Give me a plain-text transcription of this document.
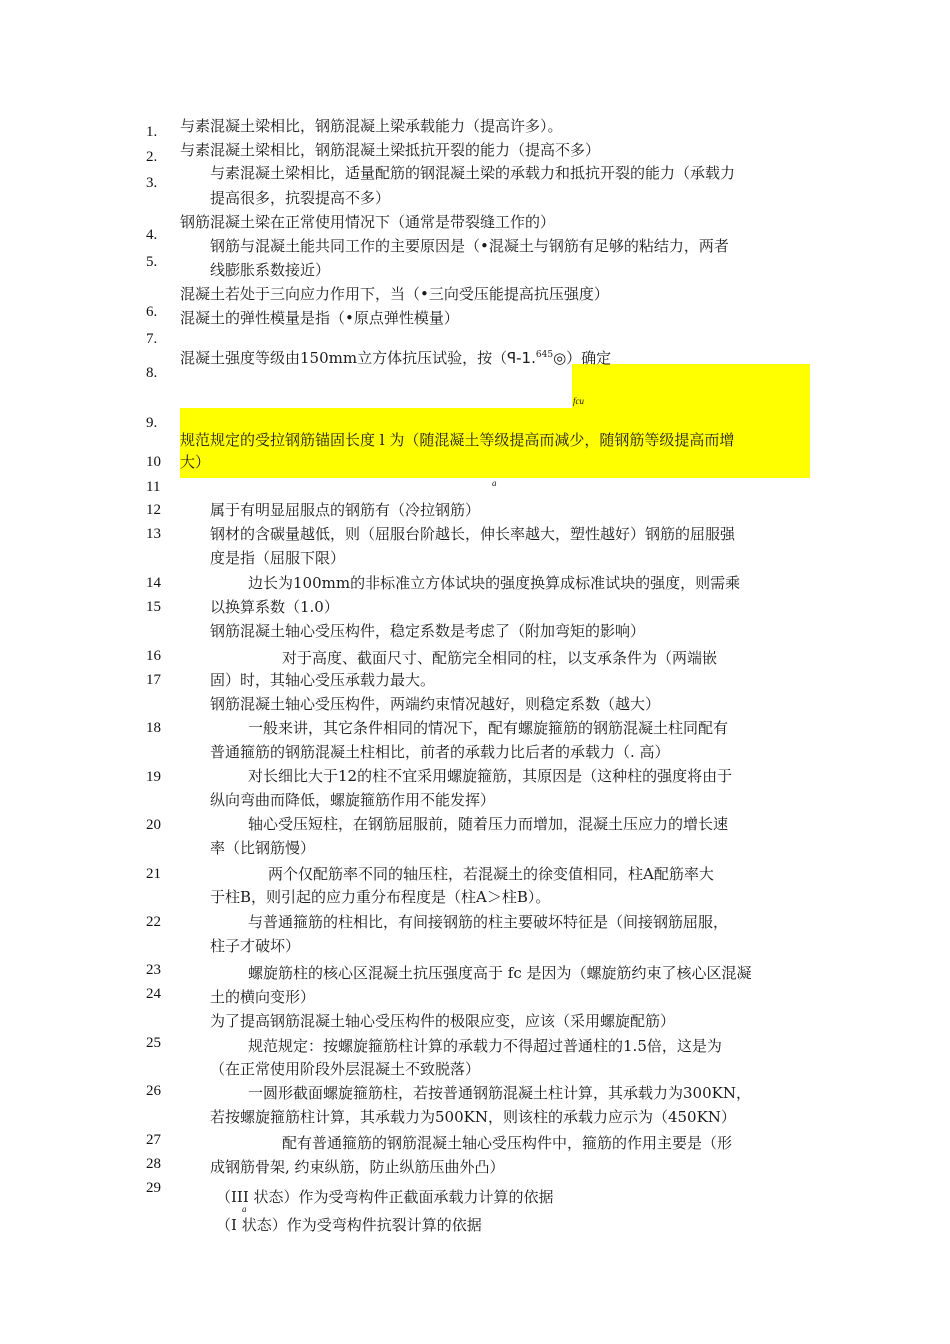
1.
2.
3.
4.
5.
6.
7.
8.
9.
10
11
12
13
14
15
16
17
18
19
20
21
22
23
24
25
26
27
28
29
与素混凝土梁相比，钢筋混凝上梁承载能力（提高许多）。
与素混凝土梁相比，钢筋混凝土梁抵抗开裂的能力（提高不多）
与素混凝土梁相比，适量配筋的钢混凝土梁的承载力和抵抗开裂的能力（承载力
提高很多，抗裂提高不多）
钢筋混凝土梁在正常使用情况下（通常是带裂缝工作的）
钢筋与混凝土能共同工作的主要原因是（•混凝土与钢筋有足够的粘结力，两者
线膨胀系数接近）
混凝土若处于三向应力作用下，当（•三向受压能提高抗压强度）
混凝土的弹性模量是指（•原点弹性模量）
混凝土强度等级由150mm立方体抗压试验，按（ꟼ-1.$^{645}$◎）确定
fcu
规范规定的受拉钢筋锚固长度 l 为（随混凝土等级提高而减少，随钢筋等级提高而增
大）
a
属于有明显屈服点的钢筋有（冷拉钢筋）
钢材的含碳量越低，则（屈服台阶越长，伸长率越大，塑性越好）钢筋的屈服强
度是指（屈服下限）
边长为100mm的非标准立方体试块的强度换算成标准试块的强度，则需乘
以换算系数（1.0）
钢筋混凝土轴心受压构件，稳定系数是考虑了（附加弯矩的影响）
对于高度、截面尺寸、配筋完全相同的柱，以支承条件为（两端嵌
固）时，其轴心受压承载力最大。
钢筋混凝土轴心受压构件，两端约束情况越好，则稳定系数（越大）
一般来讲，其它条件相同的情况下，配有螺旋箍筋的钢筋混凝土柱同配有
普通箍筋的钢筋混凝土柱相比，前者的承载力比后者的承载力（. 高）
对长细比大于12的柱不宜采用螺旋箍筋，其原因是（这种柱的强度将由于
纵向弯曲而降低，螺旋箍筋作用不能发挥）
轴心受压短柱，在钢筋屈服前，随着压力而增加，混凝土压应力的增长速
率（比钢筋慢）
两个仅配筋率不同的轴压柱，若混凝土的徐变值相同，柱A配筋率大
于柱B，则引起的应力重分布程度是（柱A＞柱B）。
与普通箍筋的柱相比，有间接钢筋的柱主要破坏特征是（间接钢筋屈服，
柱子才破坏）
螺旋筋柱的核心区混凝土抗压强度高于 fc 是因为（螺旋筋约束了核心区混凝
土的横向变形）
为了提高钢筋混凝土轴心受压构件的极限应变，应该（采用螺旋配筋）
规范规定：按螺旋箍筋柱计算的承载力不得超过普通柱的1.5倍，这是为
（在正常使用阶段外层混凝土不致脱落）
一圆形截面螺旋箍筋柱，若按普通钢筋混凝土柱计算，其承载力为300KN，
若按螺旋箍筋柱计算，其承载力为500KN，则该柱的承载力应示为（450KN）
配有普通箍筋的钢筋混凝土轴心受压构件中，箍筋的作用主要是（形
成钢筋骨架, 约束纵筋，防止纵筋压曲外凸）
（III 状态）作为受弯构件正截面承载力计算的依据
a
（I 状态）作为受弯构件抗裂计算的依据
